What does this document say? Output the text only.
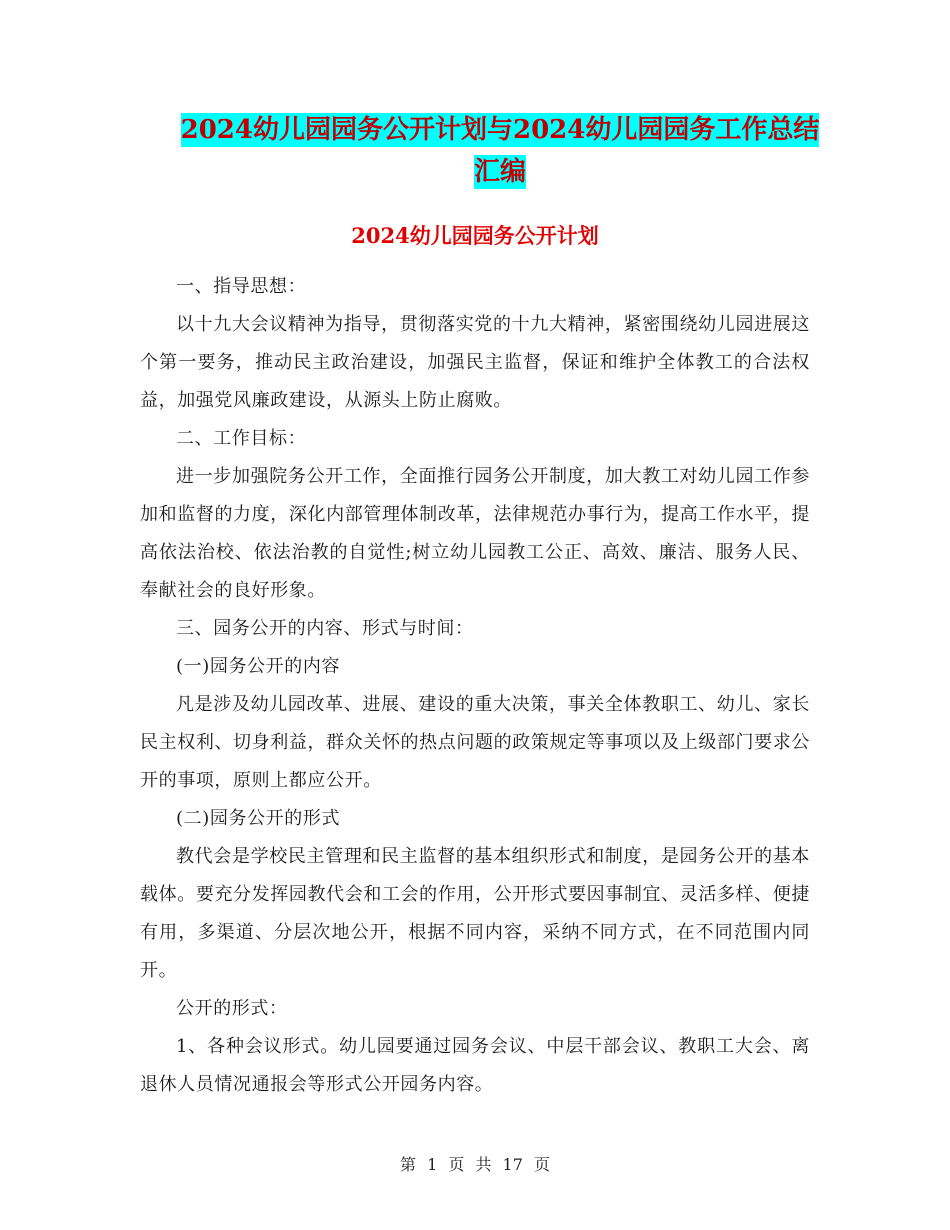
2024幼儿园园务公开计划与2024幼儿园园务工作总结
汇编
2024幼儿园园务公开计划

一、指导思想：

以十九大会议精神为指导，贯彻落实党的十九大精神，紧密围绕幼儿园进展这个第一要务，推动民主政治建设，加强民主监督，保证和维护全体教工的合法权益，加强党风廉政建设，从源头上防止腐败。

二、工作目标：

进一步加强院务公开工作，全面推行园务公开制度，加大教工对幼儿园工作参加和监督的力度，深化内部管理体制改革，法律规范办事行为，提高工作水平，提高依法治校、依法治教的自觉性;树立幼儿园教工公正、高效、廉洁、服务人民、奉献社会的良好形象。

三、园务公开的内容、形式与时间：

(一)园务公开的内容

凡是涉及幼儿园改革、进展、建设的重大决策，事关全体教职工、幼儿、家长民主权利、切身利益，群众关怀的热点问题的政策规定等事项以及上级部门要求公开的事项，原则上都应公开。

(二)园务公开的形式

教代会是学校民主管理和民主监督的基本组织形式和制度，是园务公开的基本载体。要充分发挥园教代会和工会的作用，公开形式要因事制宜、灵活多样、便捷有用，多渠道、分层次地公开，根据不同内容，采纳不同方式，在不同范围内同开。

公开的形式：

1、各种会议形式。幼儿园要通过园务会议、中层干部会议、教职工大会、离退休人员情况通报会等形式公开园务内容。

第 1 页 共 17 页
